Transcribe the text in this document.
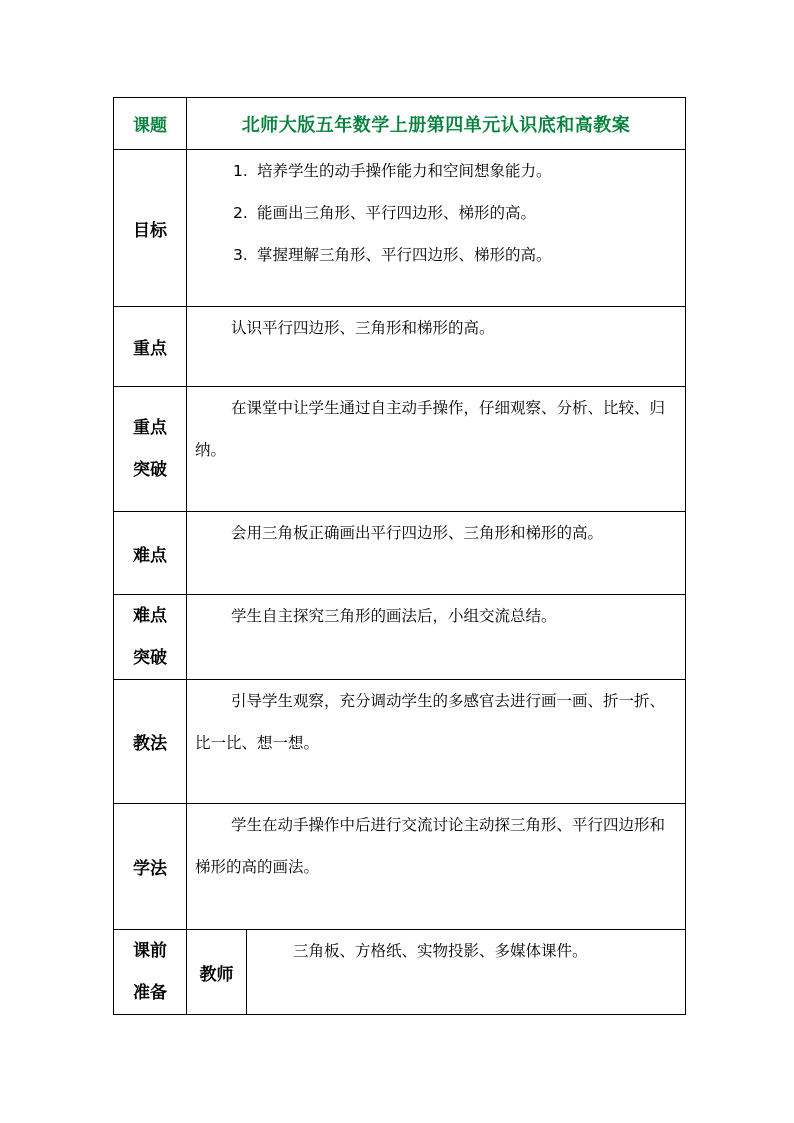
课题	北师大版五年数学上册第四单元认识底和高教案	
目标	1. 培养学生的动手操作能力和空间想象能力。

2. 能画出三角形、平行四边形、梯形的高。

3. 掌握理解三角形、平行四边形、梯形的高。	

重点	认识平行四边形、三角形和梯形的高。	

重点
突破	在课堂中让学生通过自主动手操作，仔细观察、分析、比较、归纳。	

难点	会用三角板正确画出平行四边形、三角形和梯形的高。	

难点
突破	学生自主探究三角形的画法后，小组交流总结。	

教法	引导学生观察，充分调动学生的多感官去进行画一画、折一折、比一比、想一想。	

学法	学生在动手操作中后进行交流讨论主动探三角形、平行四边形和梯形的高的画法。	

课前
准备	教师	三角板、方格纸、实物投影、多媒体课件。
